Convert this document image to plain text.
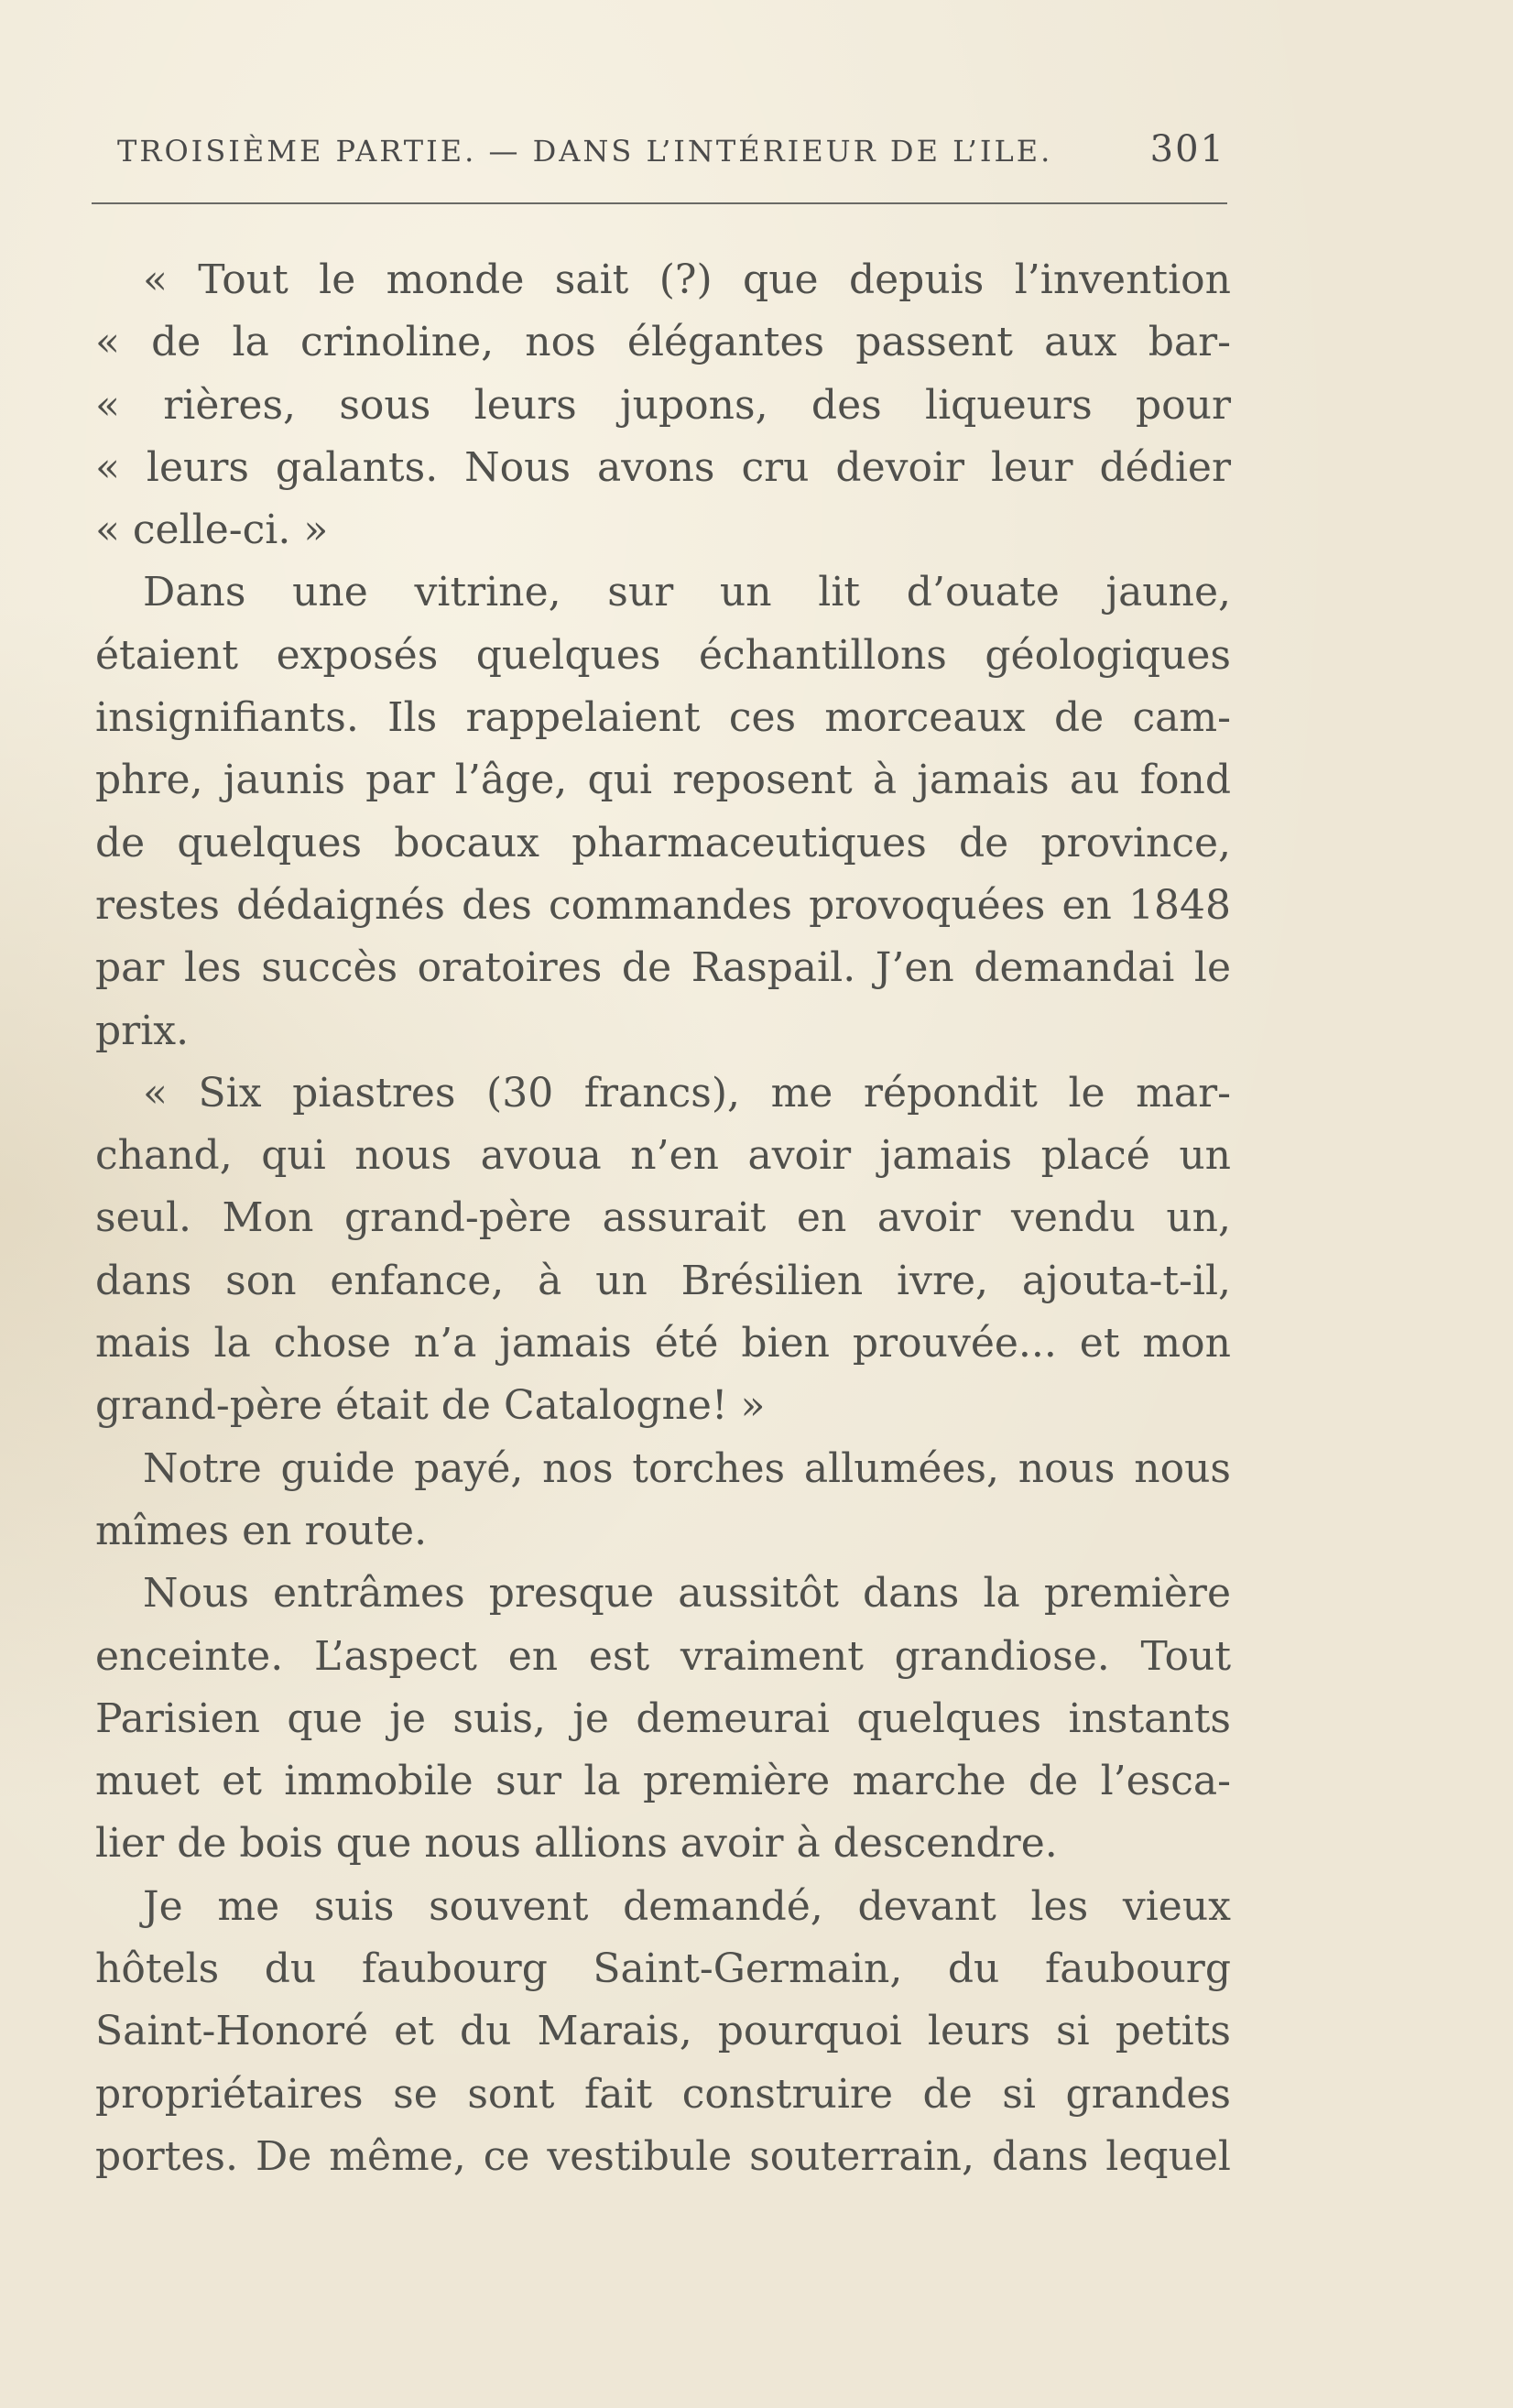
TROISIÈME PARTIE. — DANS L’INTÉRIEUR DE L’ILE.	301
« Tout le monde sait (?) que depuis l’invention
« de la crinoline, nos élégantes passent aux bar-
« rières, sous leurs jupons, des liqueurs pour
« leurs galants. Nous avons cru devoir leur dédier
« celle-ci. »
Dans une vitrine, sur un lit d’ouate jaune,
étaient exposés quelques échantillons géologiques
insignifiants. Ils rappelaient ces morceaux de cam-
phre, jaunis par l’âge, qui reposent à jamais au fond
de quelques bocaux pharmaceutiques de province,
restes dédaignés des commandes provoquées en 1848
par les succès oratoires de Raspail. J’en demandai le
prix.
« Six piastres (30 francs), me répondit le mar-
chand, qui nous avoua n’en avoir jamais placé un
seul. Mon grand-père assurait en avoir vendu un,
dans son enfance, à un Brésilien ivre, ajouta-t-il,
mais la chose n’a jamais été bien prouvée... et mon
grand-père était de Catalogne! »
Notre guide payé, nos torches allumées, nous nous
mîmes en route.
Nous entrâmes presque aussitôt dans la première
enceinte. L’aspect en est vraiment grandiose. Tout
Parisien que je suis, je demeurai quelques instants
muet et immobile sur la première marche de l’esca-
lier de bois que nous allions avoir à descendre.
Je me suis souvent demandé, devant les vieux
hôtels du faubourg Saint-Germain, du faubourg
Saint-Honoré et du Marais, pourquoi leurs si petits
propriétaires se sont fait construire de si grandes
portes. De même, ce vestibule souterrain, dans lequel
